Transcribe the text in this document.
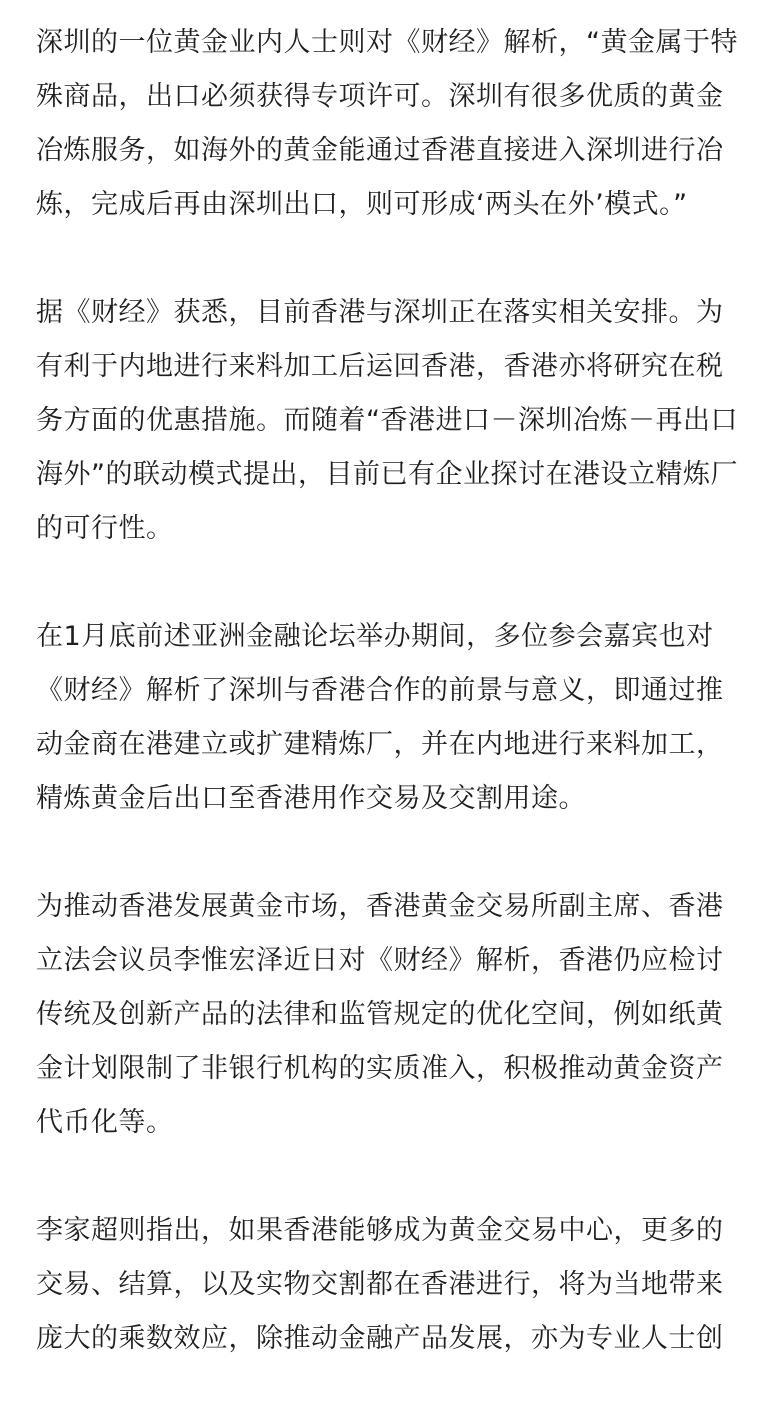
深圳的一位黄金业内人士则对《财经》解析，“黄金属于特
殊商品，出口必须获得专项许可。深圳有很多优质的黄金
冶炼服务，如海外的黄金能通过香港直接进入深圳进行冶
炼，完成后再由深圳出口，则可形成‘两头在外’模式。”
据《财经》获悉，目前香港与深圳正在落实相关安排。为
有利于内地进行来料加工后运回香港，香港亦将研究在税
务方面的优惠措施。而随着“香港进口－深圳冶炼－再出口
海外”的联动模式提出，目前已有企业探讨在港设立精炼厂
的可行性。
在1月底前述亚洲金融论坛举办期间，多位参会嘉宾也对
《财经》解析了深圳与香港合作的前景与意义，即通过推
动金商在港建立或扩建精炼厂，并在内地进行来料加工，
精炼黄金后出口至香港用作交易及交割用途。
为推动香港发展黄金市场，香港黄金交易所副主席、香港
立法会议员李惟宏泽近日对《财经》解析，香港仍应检讨
传统及创新产品的法律和监管规定的优化空间，例如纸黄
金计划限制了非银行机构的实质准入，积极推动黄金资产
代币化等。
李家超则指出，如果香港能够成为黄金交易中心，更多的
交易、结算，以及实物交割都在香港进行，将为当地带来
庞大的乘数效应，除推动金融产品发展，亦为专业人士创
